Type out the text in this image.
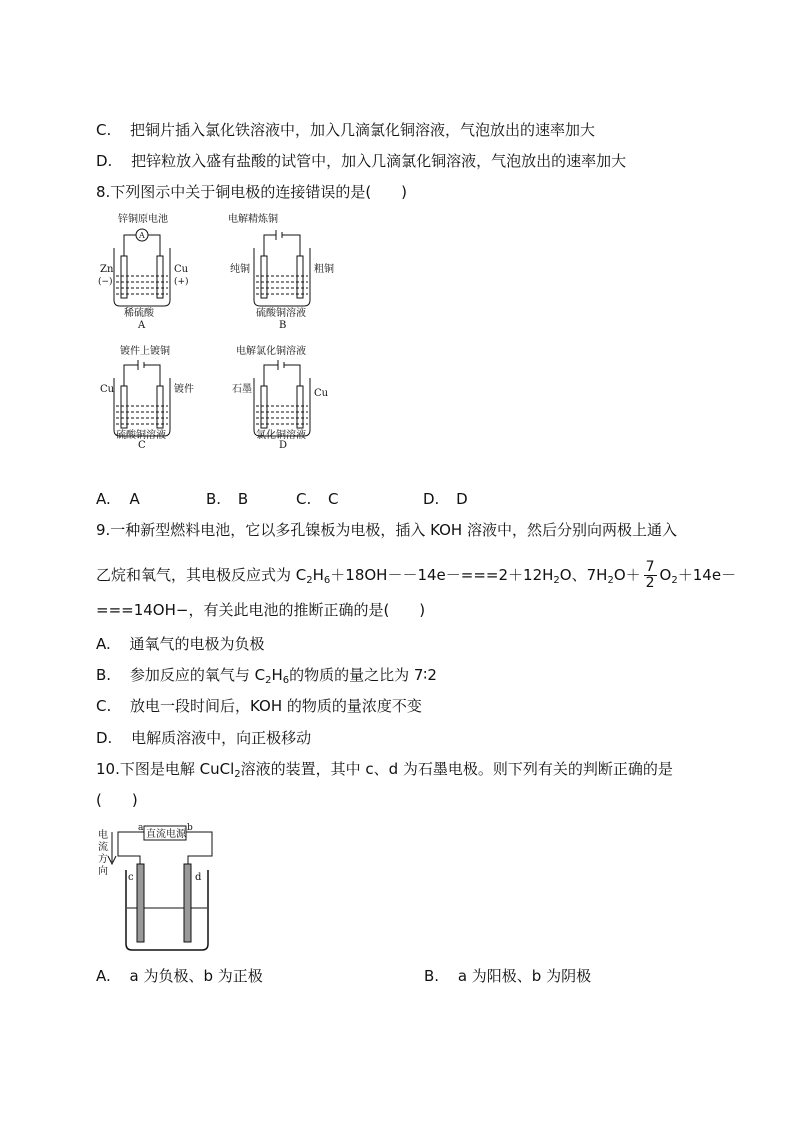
C. 把铜片插入氯化铁溶液中，加入几滴氯化铜溶液，气泡放出的速率加大
D. 把锌粒放入盛有盐酸的试管中，加入几滴氯化铜溶液，气泡放出的速率加大
8.下列图示中关于铜电极的连接错误的是(　　)
锌铜原电池
A
Zn
(−)
Cu
(+)
稀硫酸
A
电解精炼铜
纯铜	粗铜
硫酸铜溶液
B
镀件上镀铜
Cu	镀件
硫酸铜溶液
C
电解氯化铜溶液
石墨	Cu
氯化铜溶液
D
A. A	B. B	C. C	D. D
9.一种新型燃料电池，它以多孔镍板为电极，插入 KOH 溶液中，然后分别向两极上通入
乙烷和氧气，其电极反应式为 $C_2H_6+18OH--14e-===2+12H_2O$、$7H_2O+ \frac{7}{2} O_2+14e-$
===14OH−，有关此电池的推断正确的是(　　)
A. 通氧气的电极为负极
B. 参加反应的氧气与 $C_2H_6$的物质的量之比为 7∶2
C. 放电一段时间后，KOH 的物质的量浓度不变
D. 电解质溶液中，向正极移动
10.下图是电解 CuCl$_2$溶液的装置，其中 c、d 为石墨电极。则下列有关的判断正确的是
(　　)
电
流
方
向
直流电源
a	b
c	d
A. a 为负极、b 为正极	B. a 为阳极、b 为阴极
